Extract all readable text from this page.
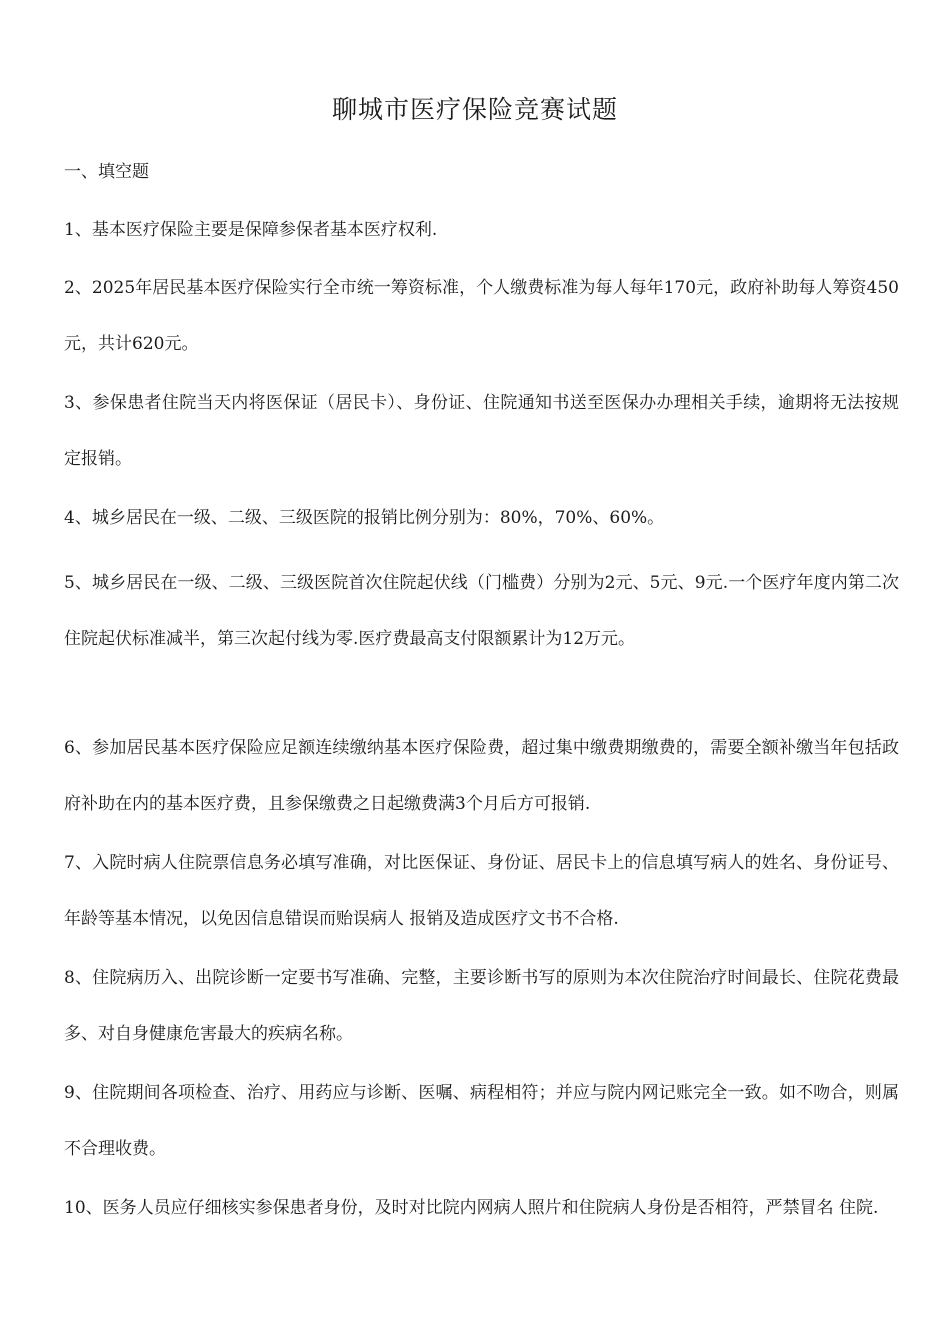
聊城市医疗保险竞赛试题
一、填空题

1、基本医疗保险主要是保障参保者基本医疗权利.

2、2025年居民基本医疗保险实行全市统一筹资标准，个人缴费标准为每人每年170元，政府补助每人筹资450元，共计620元。

3、参保患者住院当天内将医保证（居民卡）、身份证、住院通知书送至医保办办理相关手续，逾期将无法按规定报销。

4、城乡居民在一级、二级、三级医院的报销比例分别为：80%，70%、60%。

5、城乡居民在一级、二级、三级医院首次住院起伏线（门槛费）分别为2元、5元、9元.一个医疗年度内第二次住院起伏标准减半，第三次起付线为零.医疗费最高支付限额累计为12万元。

6、参加居民基本医疗保险应足额连续缴纳基本医疗保险费，超过集中缴费期缴费的，需要全额补缴当年包括政府补助在内的基本医疗费，且参保缴费之日起缴费满3个月后方可报销.

7、入院时病人住院票信息务必填写准确，对比医保证、身份证、居民卡上的信息填写病人的姓名、身份证号、年龄等基本情况，以免因信息错误而贻误病人 报销及造成医疗文书不合格.

8、住院病历入、出院诊断一定要书写准确、完整，主要诊断书写的原则为本次住院治疗时间最长、住院花费最多、对自身健康危害最大的疾病名称。

9、住院期间各项检查、治疗、用药应与诊断、医嘱、病程相符；并应与院内网记账完全一致。如不吻合，则属不合理收费。

10、医务人员应仔细核实参保患者身份，及时对比院内网病人照片和住院病人身份是否相符，严禁冒名 住院.
